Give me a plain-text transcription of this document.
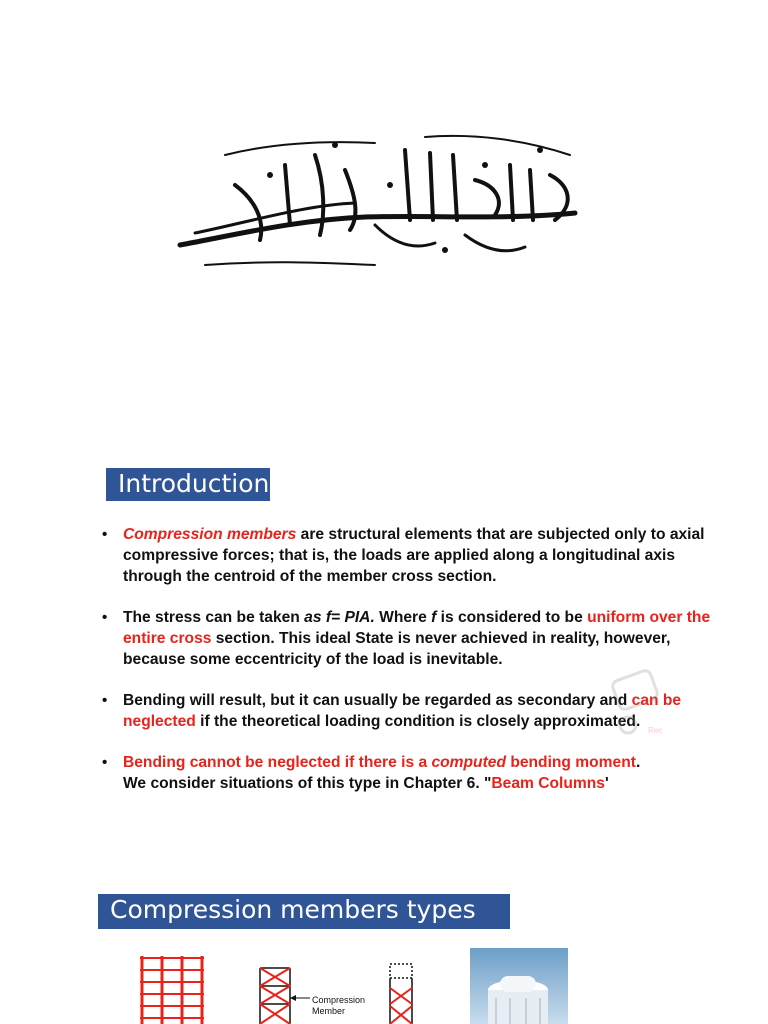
Introduction
• Compression members are structural elements that are subjected only to axial compressive forces; that is, the loads are applied along a longitudinal axis through the centroid of the member cross section.
• The stress can be taken as f= PIA. Where f is considered to be uniform over the entire cross section. This ideal State is never achieved in reality, however, because some eccentricity of the load is inevitable.
• Bending will result, but it can usually be regarded as secondary and can be neglected if the theoretical loading condition is closely approximated.
• Bending cannot be neglected if there is a computed bending moment.
We consider situations of this type in Chapter 6. "Beam Columns'
Rec
Compression members types
Compression
Member
